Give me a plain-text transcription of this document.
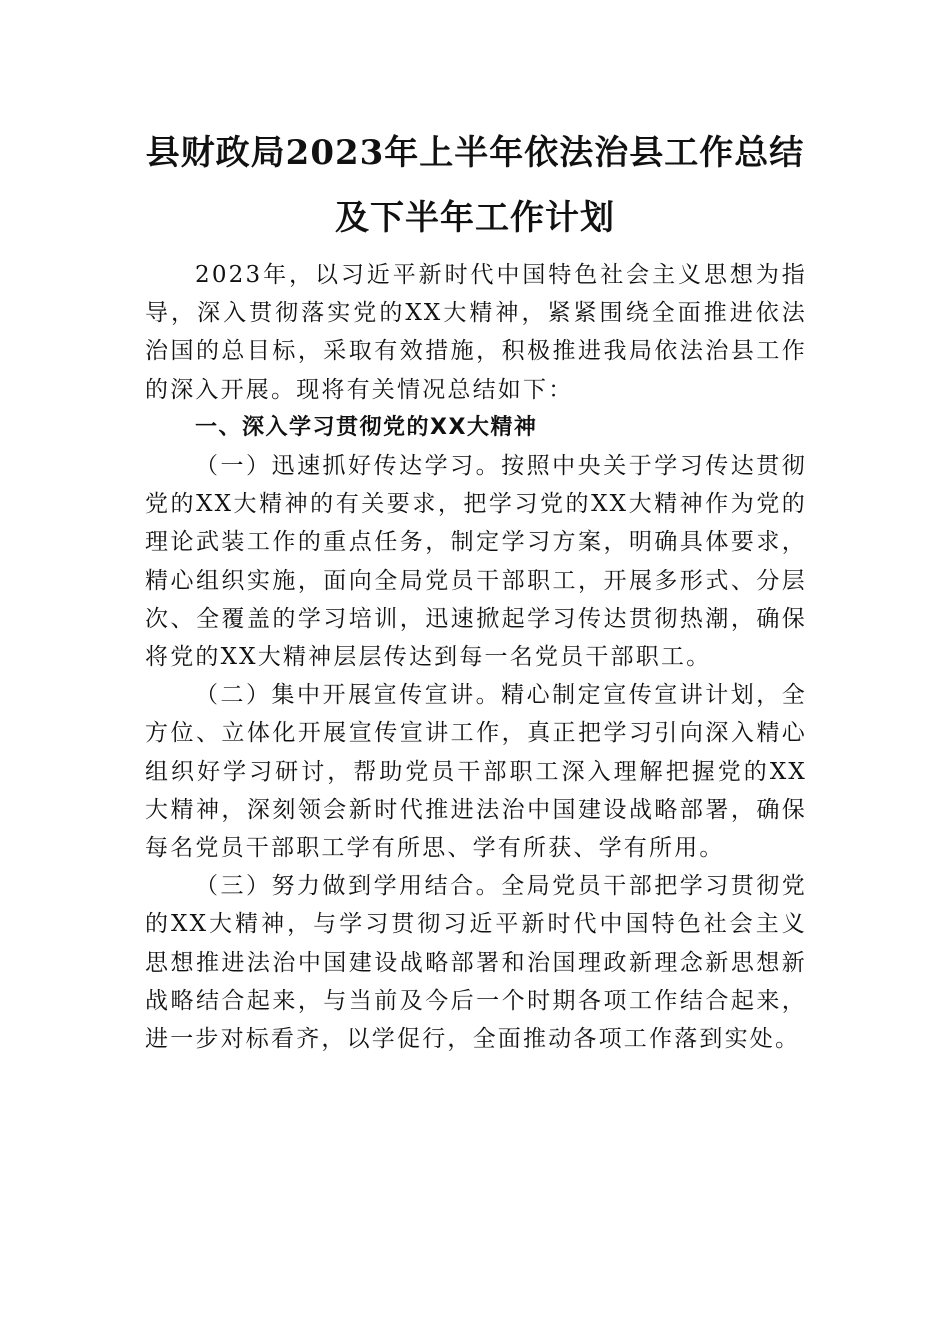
县财政局2023年上半年依法治县工作总结
及下半年工作计划

2023年，以习近平新时代中国特色社会主义思想为指导，深入贯彻落实党的XX大精神，紧紧围绕全面推进依法治国的总目标，采取有效措施，积极推进我局依法治县工作的深入开展。现将有关情况总结如下：

一、深入学习贯彻党的XX大精神

（一）迅速抓好传达学习。按照中央关于学习传达贯彻党的XX大精神的有关要求，把学习党的XX大精神作为党的理论武装工作的重点任务，制定学习方案，明确具体要求，精心组织实施，面向全局党员干部职工，开展多形式、分层次、全覆盖的学习培训，迅速掀起学习传达贯彻热潮，确保将党的XX大精神层层传达到每一名党员干部职工。

（二）集中开展宣传宣讲。精心制定宣传宣讲计划，全方位、立体化开展宣传宣讲工作，真正把学习引向深入精心组织好学习研讨，帮助党员干部职工深入理解把握党的XX大精神，深刻领会新时代推进法治中国建设战略部署，确保每名党员干部职工学有所思、学有所获、学有所用。

（三）努力做到学用结合。全局党员干部把学习贯彻党的XX大精神，与学习贯彻习近平新时代中国特色社会主义思想推进法治中国建设战略部署和治国理政新理念新思想新战略结合起来，与当前及今后一个时期各项工作结合起来，进一步对标看齐，以学促行，全面推动各项工作落到实处。
